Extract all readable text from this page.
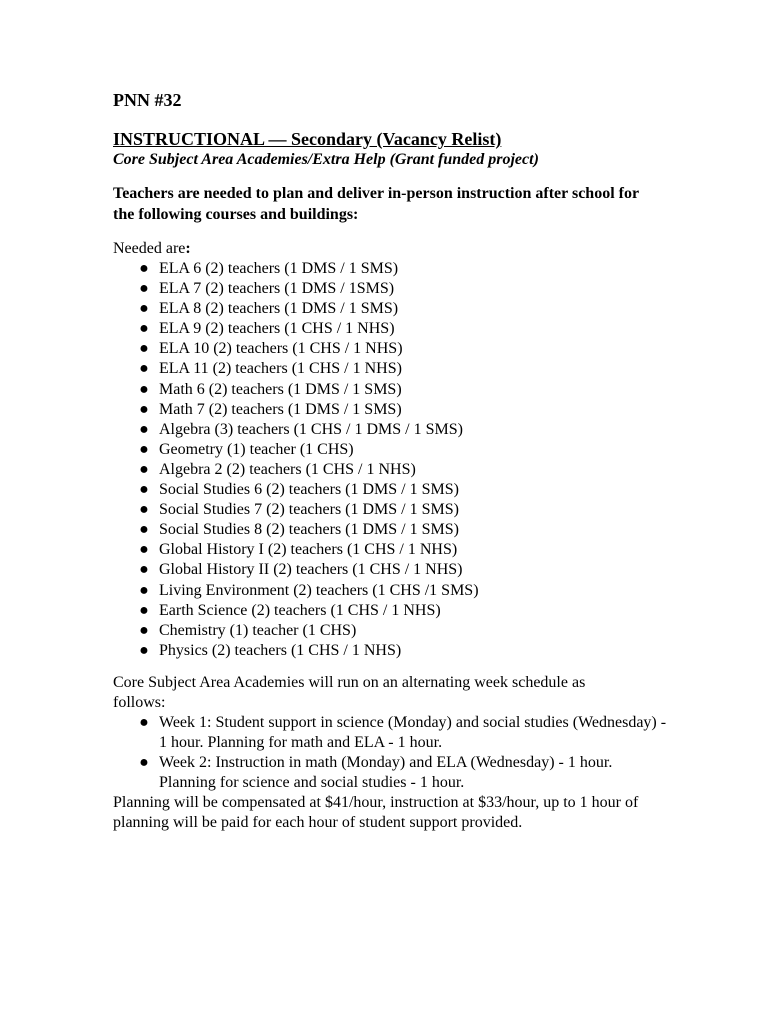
PNN #32

INSTRUCTIONAL — Secondary (Vacancy Relist)

Core Subject Area Academies/Extra Help (Grant funded project)

Teachers are needed to plan and deliver in-person instruction after school for the following courses and buildings:

Needed are:

● ELA 6 (2) teachers (1 DMS / 1 SMS)
● ELA 7 (2) teachers (1 DMS / 1SMS)
● ELA 8 (2) teachers (1 DMS / 1 SMS)
● ELA 9 (2) teachers (1 CHS / 1 NHS)
● ELA 10 (2) teachers (1 CHS / 1 NHS)
● ELA 11 (2) teachers (1 CHS / 1 NHS)
● Math 6 (2) teachers (1 DMS / 1 SMS)
● Math 7 (2) teachers (1 DMS / 1 SMS)
● Algebra (3) teachers (1 CHS / 1 DMS / 1 SMS)
● Geometry (1) teacher (1 CHS)
● Algebra 2 (2) teachers (1 CHS / 1 NHS)
● Social Studies 6 (2) teachers (1 DMS / 1 SMS)
● Social Studies 7 (2) teachers (1 DMS / 1 SMS)
● Social Studies 8 (2) teachers (1 DMS / 1 SMS)
● Global History I (2) teachers (1 CHS / 1 NHS)
● Global History II (2) teachers (1 CHS / 1 NHS)
● Living Environment (2) teachers (1 CHS /1 SMS)
● Earth Science (2) teachers (1 CHS / 1 NHS)
● Chemistry (1) teacher (1 CHS)
● Physics (2) teachers (1 CHS / 1 NHS)

Core Subject Area Academies will run on an alternating week schedule as follows:

● Week 1: Student support in science (Monday) and social studies (Wednesday) - 1 hour. Planning for math and ELA - 1 hour.
● Week 2: Instruction in math (Monday) and ELA (Wednesday) - 1 hour. Planning for science and social studies - 1 hour.

Planning will be compensated at $41/hour, instruction at $33/hour, up to 1 hour of planning will be paid for each hour of student support provided.
